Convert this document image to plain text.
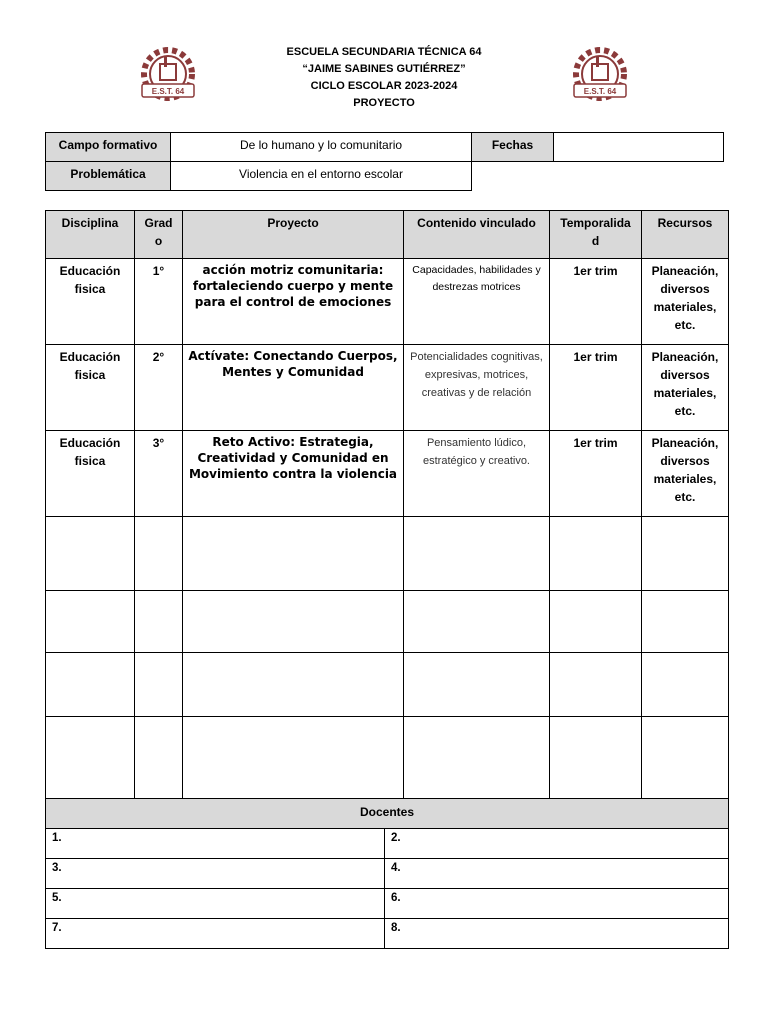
E.S.T. 64	E.S.T. 64
ESCUELA SECUNDARIA TÉCNICA 64
“JAIME SABINES GUTIÉRREZ”
CICLO ESCOLAR 2023-2024
PROYECTO
Campo formativo	De lo humano y lo comunitario	Fechas	
Problemática	Violencia en el entorno escolar		
Disciplina	Grad o	Proyecto	Contenido vinculado	Temporalida d	Recursos
Educación fisica	1°	acción motriz comunitaria: fortaleciendo cuerpo y mente para el control de emociones	Capacidades, habilidades y destrezas motrices	1er trim	Planeación, diversos materiales, etc.
Educación fisica	2°	Actívate: Conectando Cuerpos, Mentes y Comunidad	Potencialidades cognitivas, expresivas, motrices, creativas y de relación	1er trim	Planeación, diversos materiales, etc.
Educación fisica	3°	Reto Activo: Estrategia, Creatividad y Comunidad en Movimiento contra la violencia	Pensamiento lúdico, estratégico y creativo.	1er trim	Planeación, diversos materiales, etc.

Docentes	
1.	2.
3.	4.
5.	6.
7.	8.
